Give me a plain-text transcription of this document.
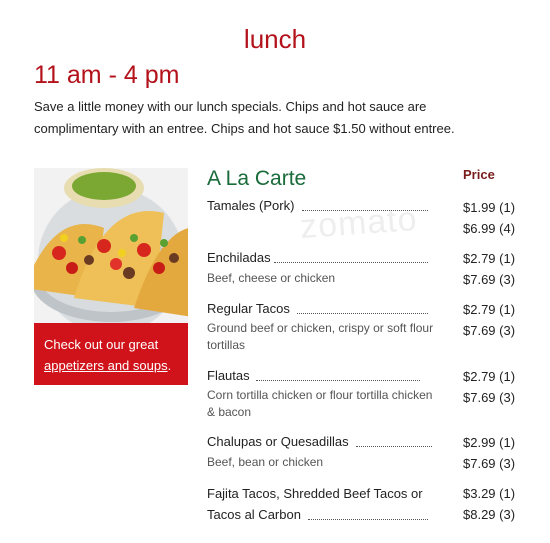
lunch
11 am - 4 pm
Save a little money with our lunch specials. Chips and hot sauce are complimentary with an entree. Chips and hot sauce $1.50 without entree.
Check out our great appetizers and soups.
A La Carte	Price
zomato
Tamales (Pork)	$1.99 (1)
$6.99 (4)
Enchiladas
Beef, cheese or chicken
$2.79 (1)
$7.69 (3)
Regular Tacos
Ground beef or chicken, crispy or soft flour tortillas
$2.79 (1)
$7.69 (3)
Flautas
Corn tortilla chicken or flour tortilla chicken & bacon
$2.79 (1)
$7.69 (3)
Chalupas or Quesadillas
Beef, bean or chicken
$2.99 (1)
$7.69 (3)
Fajita Tacos, Shredded Beef Tacos or
Tacos al Carbon
$3.29 (1)
$8.29 (3)
